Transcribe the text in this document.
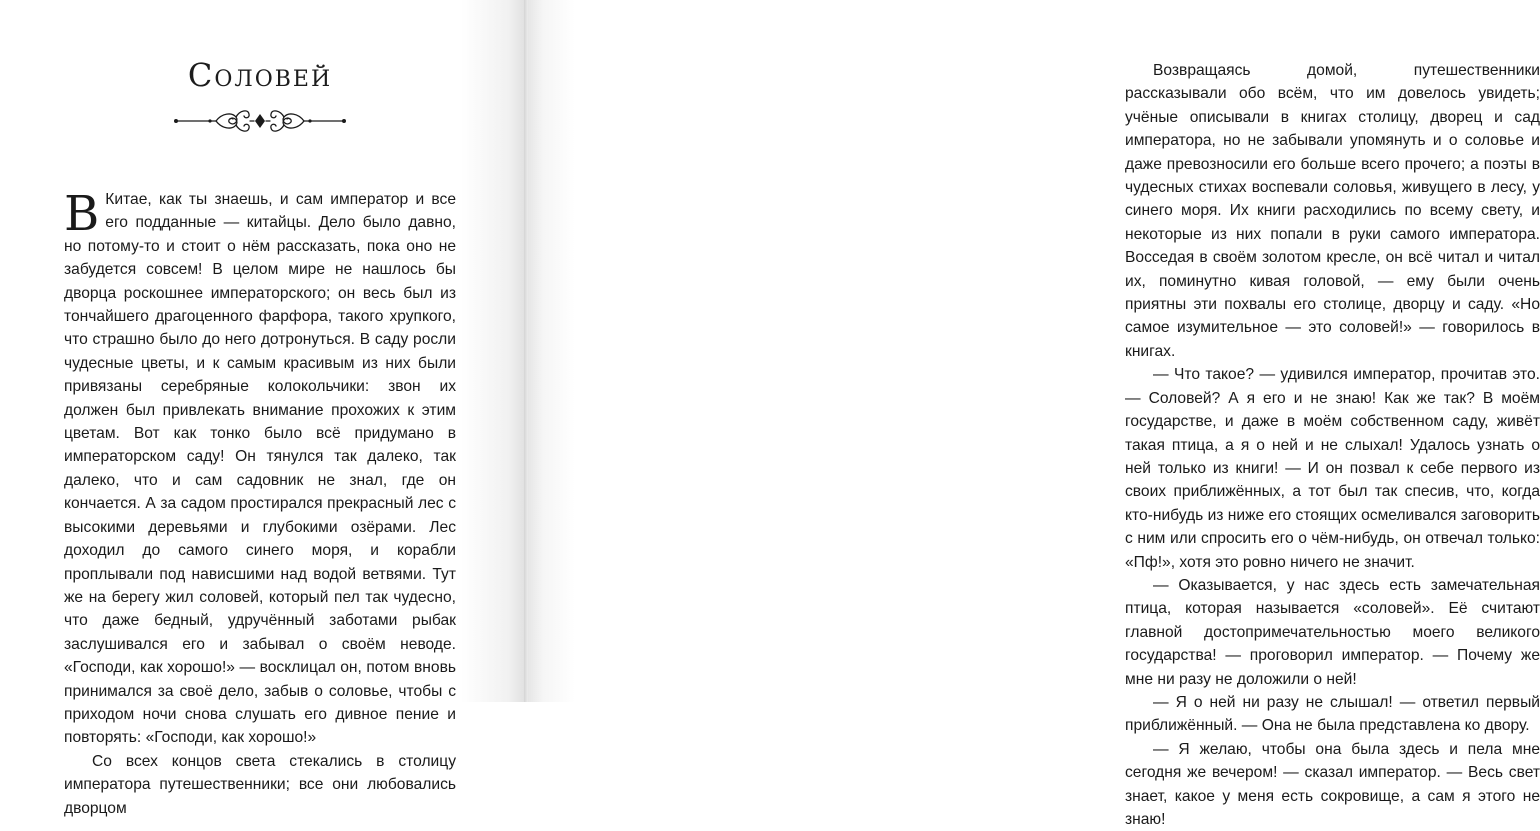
Соловей

В Китае, как ты знаешь, и сам император и все его подданные — китайцы. Дело было давно, но потому-то и стоит о нём рассказать, пока оно не забудется совсем! В целом мире не нашлось бы дворца роскошнее императорского; он весь был из тончайшего драгоценного фарфора, такого хрупкого, что страшно было до него дотронуться. В саду росли чудесные цветы, и к самым красивым из них были привязаны серебряные колокольчики: звон их должен был привлекать внимание прохожих к этим цветам. Вот как тонко было всё придумано в императорском саду! Он тянулся так далеко, так далеко, что и сам садовник не знал, где он кончается. А за садом простирался прекрасный лес с высокими деревьями и глубокими озёрами. Лес доходил до самого синего моря, и корабли проплывали под нависшими над водой ветвями. Тут же на берегу жил соловей, который пел так чудесно, что даже бедный, удручённый заботами рыбак заслушивался его и забывал о своём неводе. «Господи, как хорошо!» — восклицал он, потом вновь принимался за своё дело, забыв о соловье, чтобы с приходом ночи снова слушать его дивное пение и повторять: «Господи, как хорошо!»

Со всех концов света стекались в столицу императора путешественники; все они любовались дворцом

Возвращаясь домой, путешественники рассказывали обо всём, что им довелось увидеть; учёные описывали в книгах столицу, дворец и сад императора, но не забывали упомянуть и о соловье и даже превозносили его больше всего прочего; а поэты в чудесных стихах воспевали соловья, живущего в лесу, у синего моря. Их книги расходились по всему свету, и некоторые из них попали в руки самого императора. Восседая в своём золотом кресле, он всё читал и читал их, поминутно кивая головой, — ему были очень приятны эти похвалы его столице, дворцу и саду. «Но самое изумительное — это соловей!» — говорилось в книгах.

— Что такое? — удивился император, прочитав это. — Соловей? А я его и не знаю! Как же так? В моём государстве, и даже в моём собственном саду, живёт такая птица, а я о ней и не слыхал! Удалось узнать о ней только из книги! — И он позвал к себе первого из своих приближённых, а тот был так спесив, что, когда кто-нибудь из ниже его стоящих осмеливался заговорить с ним или спросить его о чём-нибудь, он отвечал только: «Пф!», хотя это ровно ничего не значит.

— Оказывается, у нас здесь есть замечательная птица, которая называется «соловей». Её считают главной достопримечательностью моего великого государства! — проговорил император. — Почему же мне ни разу не доложили о ней!

— Я о ней ни разу не слышал! — ответил первый приближённый. — Она не была представлена ко двору.

— Я желаю, чтобы она была здесь и пела мне сегодня же вечером! — сказал император. — Весь свет знает, какое у меня есть сокровище, а сам я этого не знаю!
